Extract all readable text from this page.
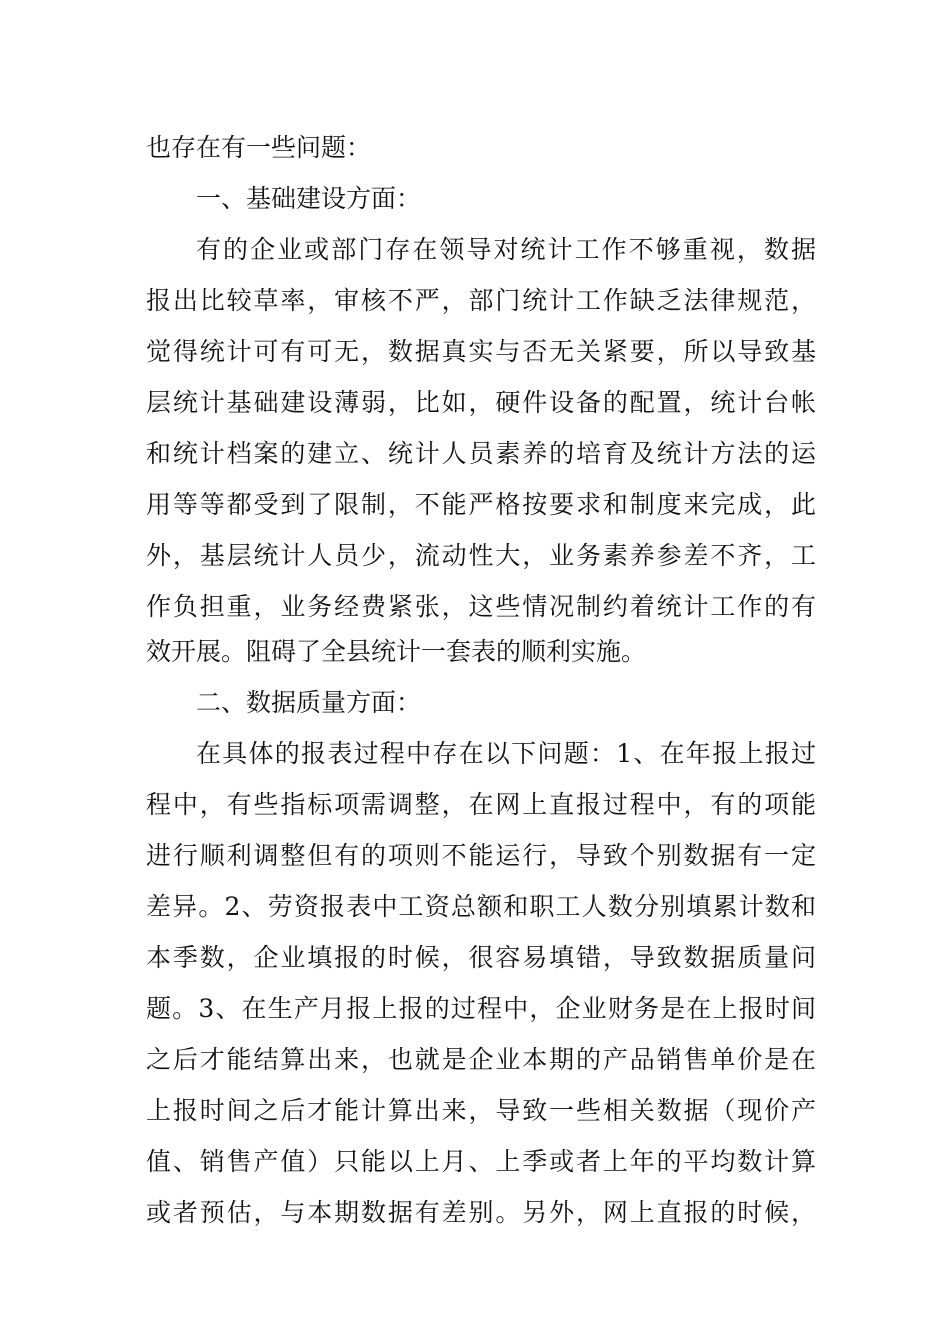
也存在有一些问题：
一、基础建设方面：
有的企业或部门存在领导对统计工作不够重视，数据
报出比较草率，审核不严，部门统计工作缺乏法律规范，
觉得统计可有可无，数据真实与否无关紧要，所以导致基
层统计基础建设薄弱，比如，硬件设备的配置，统计台帐
和统计档案的建立、统计人员素养的培育及统计方法的运
用等等都受到了限制，不能严格按要求和制度来完成，此
外，基层统计人员少，流动性大，业务素养参差不齐，工
作负担重，业务经费紧张，这些情况制约着统计工作的有
效开展。阻碍了全县统计一套表的顺利实施。
二、数据质量方面：
在具体的报表过程中存在以下问题：1、在年报上报过
程中，有些指标项需调整，在网上直报过程中，有的项能
进行顺利调整但有的项则不能运行，导致个别数据有一定
差异。2、劳资报表中工资总额和职工人数分别填累计数和
本季数，企业填报的时候，很容易填错，导致数据质量问
题。3、在生产月报上报的过程中，企业财务是在上报时间
之后才能结算出来，也就是企业本期的产品销售单价是在
上报时间之后才能计算出来，导致一些相关数据（现价产
值、销售产值）只能以上月、上季或者上年的平均数计算
或者预估，与本期数据有差别。另外，网上直报的时候，
